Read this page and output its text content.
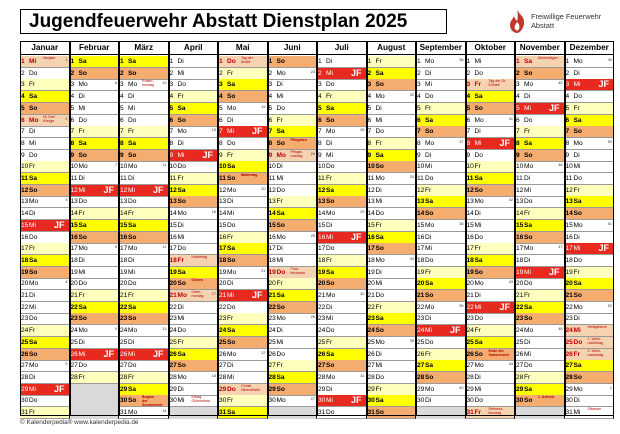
Jugendfeuerwehr Abstatt Dienstplan 2025	Freiwillige Feuerwehr
Abstatt
Januar
1 Mi Neujahr	1
2 Do
3 Fr
4 Sa
5 So
6 Mo Hl. Drei Könige	2
7 Di
8 Mi
9 Do
10 Fr
11 Sa
12 So
13 Mo	3
14 Di
15 Mi JF
16 Do
17 Fr
18 Sa
19 So
20 Mo	4
21 Di
22 Mi
23 Do
24 Fr
25 Sa
26 So
27 Mo	5
28 Di
29 Mi JF
30 Do
31 Fr
Februar
1 Sa
2 So
3 Mo	6
4 Di
5 Mi
6 Do
7 Fr
8 Sa
9 So
10 Mo	7
11 Di
12 Mi JF
13 Do
14 Fr
15 Sa
16 So
17 Mo	8
18 Di
19 Mi
20 Do
21 Fr
22 Sa
23 So
24 Mo	9
25 Di
26 Mi JF
27 Do
28 Fr
März
1 Sa
2 So
3 Mo Rosen-montag	10
4 Di
5 Mi
6 Do
7 Fr
8 Sa
9 So
10 Mo	11
11 Di
12 Mi JF
13 Do
14 Fr
15 Sa
16 So
17 Mo	12
18 Di
19 Mi
20 Do
21 Fr
22 Sa
23 So
24 Mo	13
25 Di
26 Mi JF
27 Do
28 Fr
29 Sa
30 So Beginn der Sommerzeit
31 Mo	14
April
1 Di
2 Mi
3 Do
4 Fr
5 Sa
6 So
7 Mo	15
8 Di
9 Mi JF
10 Do
11 Fr
12 Sa
13 So
14 Mo	16
15 Di
16 Mi
17 Do
18 Fr Karfreitag
19 Sa
20 So Ostern
21 Mo Oster-montag	17
22 Di
23 Mi
24 Do
25 Fr
26 Sa
27 So
28 Mo	18
29 Di
30 Mi Ertrag Glühmofest
Mai
1 Do Tag der Arbeit
2 Fr
3 Sa
4 So
5 Mo	19
6 Di
7 Mi JF
8 Do
9 Fr
10 Sa
11 So Muttertag
12 Mo	20
13 Di
14 Mi
15 Do
16 Fr
17 Sa
18 So
19 Mo	21
20 Di
21 Mi JF
22 Do
23 Fr
24 Sa
25 So
26 Mo	22
27 Di
28 Mi
29 Do Christi Himmelfahrt
30 Fr
31 Sa
Juni
1 So
2 Mo	23
3 Di
4 Mi
5 Do
6 Fr
7 Sa
8 So Pfingsten
9 Mo Pfingst-montag	24
10 Di
11 Mi
12 Do
13 Fr
14 Sa
15 So
16 Mo	25
17 Di
18 Mi
19 Do Fron-leichnam
20 Fr
21 Sa
22 So
23 Mo	26
24 Di
25 Mi
26 Do
27 Fr
28 Sa
29 So
30 Mo	27
Juli
1 Di
2 Mi JF
3 Do
4 Fr
5 Sa
6 So
7 Mo	28
8 Di
9 Mi
10 Do
11 Fr
12 Sa
13 So
14 Mo	29
15 Di
16 Mi JF
17 Do
18 Fr
19 Sa
20 So
21 Mo	30
22 Di
23 Mi
24 Do
25 Fr
26 Sa
27 So
28 Mo	31
29 Di
30 Mi JF
31 Do
August
1 Fr
2 Sa
3 So
4 Mo	32
5 Di
6 Mi
7 Do
8 Fr
9 Sa
10 So
11 Mo	33
12 Di
13 Mi
14 Do
15 Fr
16 Sa
17 So
18 Mo	34
19 Di
20 Mi
21 Do
22 Fr
23 Sa
24 So
25 Mo	35
26 Di
27 Mi
28 Do
29 Fr
30 Sa
31 So
September
1 Mo	36
2 Di
3 Mi
4 Do
5 Fr
6 Sa
7 So
8 Mo	37
9 Di
10 Mi
11 Do
12 Fr
13 Sa
14 So
15 Mo	38
16 Di
17 Mi
18 Do
19 Fr
20 Sa
21 So
22 Mo	39
23 Di
24 Mi JF
25 Do
26 Fr
27 Sa
28 So
29 Mo	40
30 Di
Oktober
1 Mi
2 Do
3 Fr Tag der Dt. Einheit
4 Sa
5 So
6 Mo	41
7 Di
8 Mi JF
9 Do
10 Fr
11 Sa
12 So
13 Mo	42
14 Di
15 Mi
16 Do
17 Fr
18 Sa
19 So
20 Mo	43
21 Di
22 Mi JF
23 Do
24 Fr
25 Sa
26 So Ende der Sommerzeit
27 Mo	44
28 Di
29 Mi
30 Do
31 Fr Reforma-tionstag
November
1 Sa Allerheiligen
2 So
3 Mo	45
4 Di
5 Mi JF
6 Do
7 Fr
8 Sa
9 So
10 Mo	46
11 Di
12 Mi
13 Do
14 Fr
15 Sa
16 So
17 Mo	47
18 Di
19 Mi JF
20 Do
21 Fr
22 Sa
23 So
24 Mo	48
25 Di
26 Mi
27 Do
28 Fr
29 Sa
30 So 1. Advent
Dezember
1 Mo	49
2 Di
3 Mi JF
4 Do
5 Fr
6 Sa
7 So
8 Mo	50
9 Di
10 Mi
11 Do
12 Fr
13 Sa
14 So
15 Mo	51
16 Di
17 Mi JF
18 Do
19 Fr
20 Sa
21 So
22 Mo	52
23 Di
24 Mi Heiligabend
25 Do 1. Weih-nachtstag
26 Fr 2. Weih-nachtstag
27 Sa
28 So
29 Mo	1
30 Di
31 Mi Silvester
© Kalenderpedia® www.kalenderpedia.de
